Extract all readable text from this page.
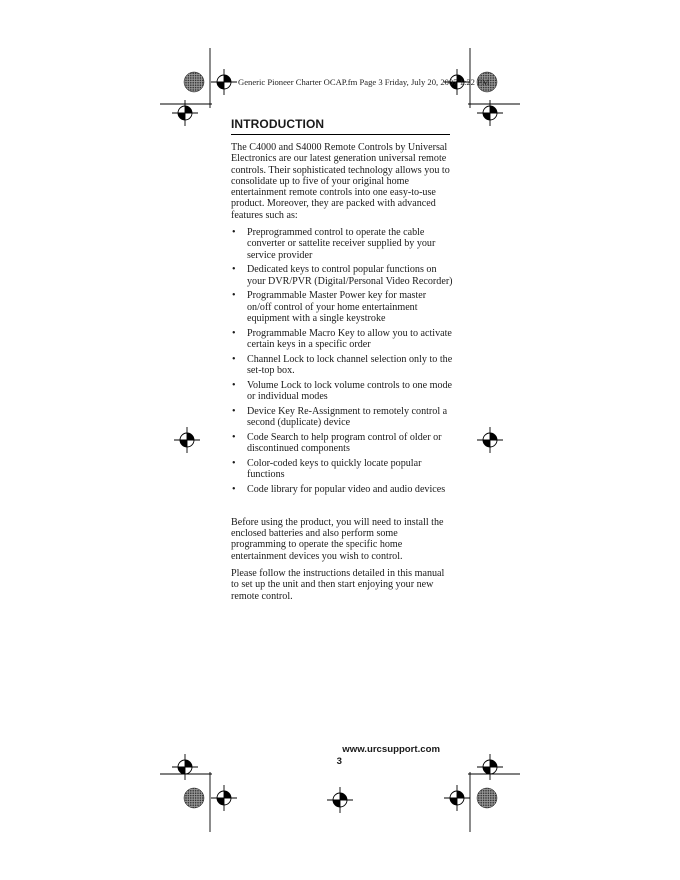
Generic Pioneer Charter OCAP.fm Page 3 Friday, July 20, 2007 1:22 PM
INTRODUCTION

The C4000 and S4000 Remote Controls by Universal Electronics are our latest generation universal remote controls. Their sophisticated technology allows you to consolidate up to five of your original home entertainment remote controls into one easy-to-use product. Moreover, they are packed with advanced features such as:

• Preprogrammed control to operate the cable converter or sattelite receiver supplied by your service provider
• Dedicated keys to control popular functions on your DVR/PVR (Digital/Personal Video Recorder)
• Programmable Master Power key for master on/off control of your home entertainment equipment with a single keystroke
• Programmable Macro Key to allow you to activate certain keys in a specific order
• Channel Lock to lock channel selection only to the set-top box.
• Volume Lock to lock volume controls to one mode or individual modes
• Device Key Re-Assignment to remotely control a second (duplicate) device
• Code Search to help program control of older or discontinued components
• Color-coded keys to quickly locate popular functions
• Code library for popular video and audio devices

Before using the product, you will need to install the enclosed batteries and also perform some programming to operate the specific home entertainment devices you wish to control.

Please follow the instructions detailed in this manual to set up the unit and then start enjoying your new remote control.

www.urcsupport.com
3
